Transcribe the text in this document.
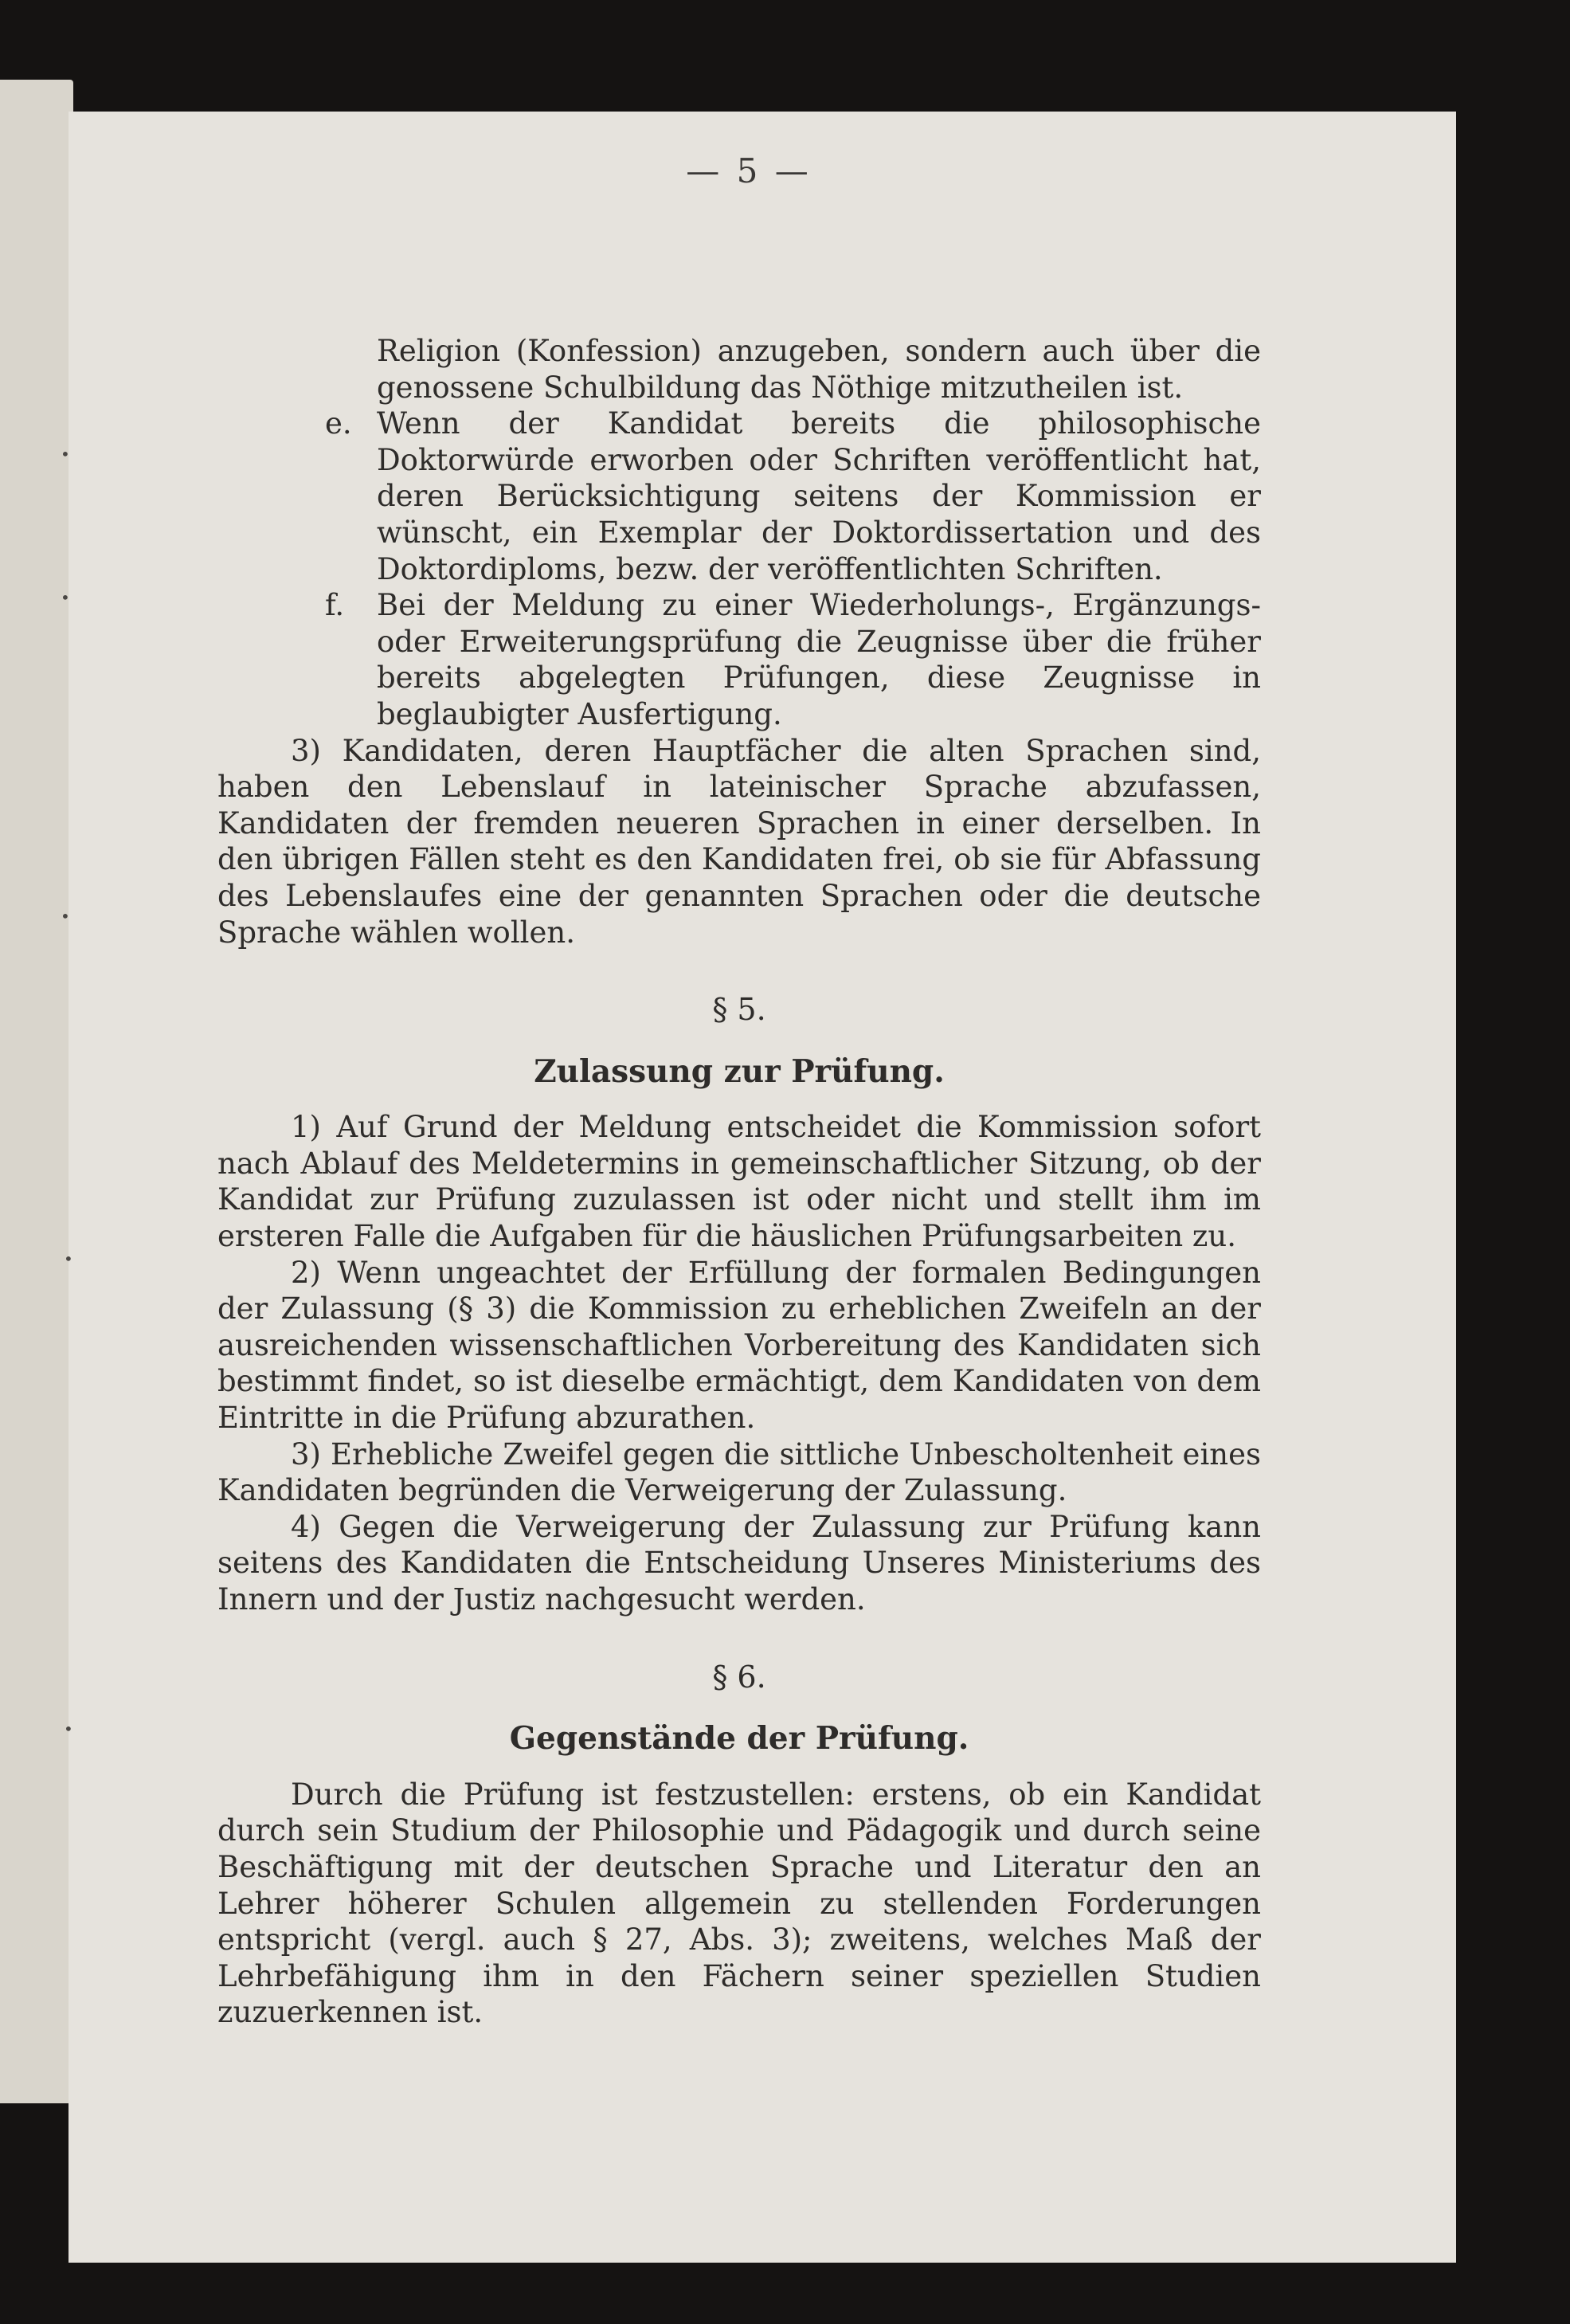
•
•
•
•
•
— 5 —
Religion (Konfession) anzugeben, sondern auch über die genossene Schulbildung das Nöthige mitzutheilen ist.
e. Wenn der Kandidat bereits die philosophische Doktorwürde erworben oder Schriften veröffentlicht hat, deren Berücksichtigung seitens der Kommission er wünscht, ein Exemplar der Doktordissertation und des Doktordiploms, bezw. der veröffentlichten Schriften.
f. Bei der Meldung zu einer Wiederholungs-, Ergänzungs- oder Erweiterungsprüfung die Zeugnisse über die früher bereits abgelegten Prüfungen, diese Zeugnisse in beglaubigter Ausfertigung.
3) Kandidaten, deren Hauptfächer die alten Sprachen sind, haben den Lebenslauf in lateinischer Sprache abzufassen, Kandidaten der fremden neueren Sprachen in einer derselben. In den übrigen Fällen steht es den Kandidaten frei, ob sie für Abfassung des Lebenslaufes eine der genannten Sprachen oder die deutsche Sprache wählen wollen.
§ 5.
Zulassung zur Prüfung.
1) Auf Grund der Meldung entscheidet die Kommission sofort nach Ablauf des Meldetermins in gemeinschaftlicher Sitzung, ob der Kandidat zur Prüfung zuzulassen ist oder nicht und stellt ihm im ersteren Falle die Aufgaben für die häuslichen Prüfungsarbeiten zu.
2) Wenn ungeachtet der Erfüllung der formalen Bedingungen der Zulassung (§ 3) die Kommission zu erheblichen Zweifeln an der ausreichenden wissenschaftlichen Vorbereitung des Kandidaten sich bestimmt findet, so ist dieselbe ermächtigt, dem Kandidaten von dem Eintritte in die Prüfung abzurathen.
3) Erhebliche Zweifel gegen die sittliche Unbescholtenheit eines Kandidaten begründen die Verweigerung der Zulassung.
4) Gegen die Verweigerung der Zulassung zur Prüfung kann seitens des Kandidaten die Entscheidung Unseres Ministeriums des Innern und der Justiz nachgesucht werden.
§ 6.
Gegenstände der Prüfung.
Durch die Prüfung ist festzustellen: erstens, ob ein Kandidat durch sein Studium der Philosophie und Pädagogik und durch seine Beschäftigung mit der deutschen Sprache und Literatur den an Lehrer höherer Schulen allgemein zu stellenden Forderungen entspricht (vergl. auch § 27, Abs. 3); zweitens, welches Maß der Lehrbefähigung ihm in den Fächern seiner speziellen Studien zuzuerkennen ist.
